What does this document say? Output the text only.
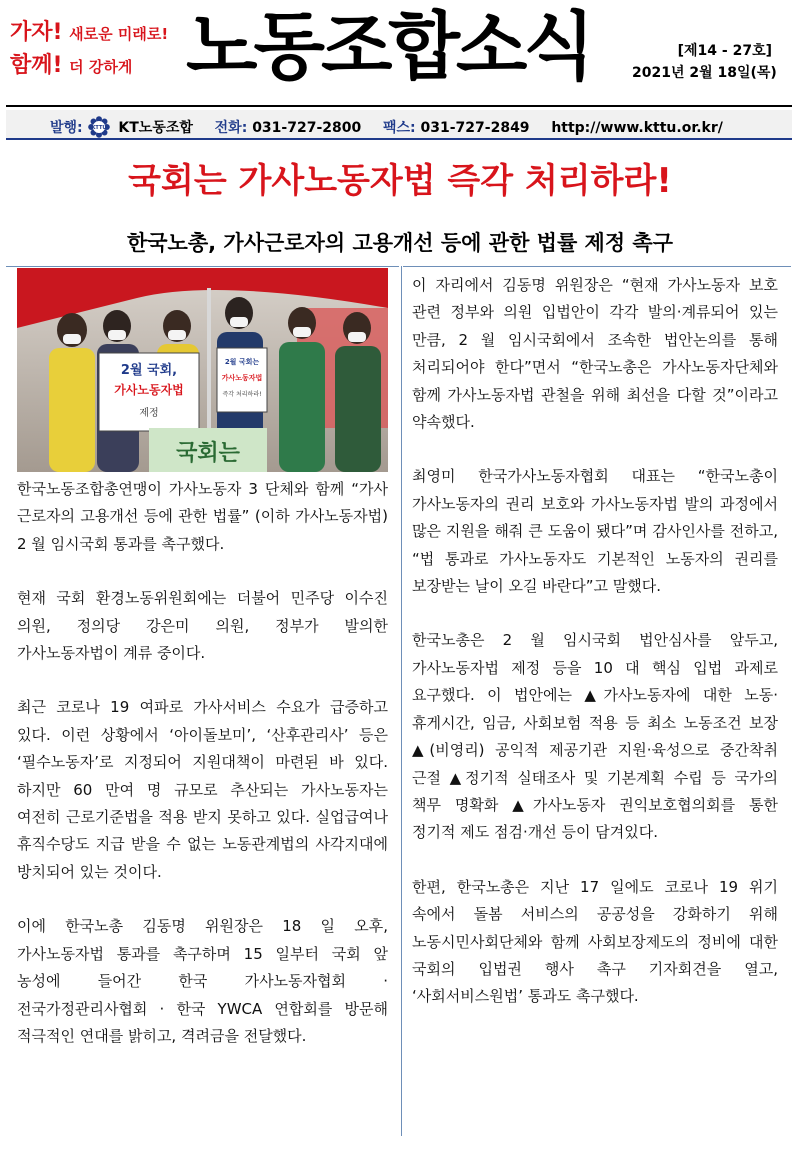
가자! 새로운 미래로!
함께! 더 강하게 노동조합소식	[제14 - 27호]
2021년 2월 18일(목)
발행: KTTU KT노동조합 전화: 031-727-2800 팩스: 031-727-2849 http://www.kttu.or.kr/
국회는 가사노동자법 즉각 처리하라!
한국노총, 가사근로자의 고용개선 등에 관한 법률 제정 촉구
2월 국회,
가사노동자법
제정
2월 국회는
가사노동자법
즉각 처리하라!
국회는

한국노동조합총연맹이 가사노동자 3 단체와 함께 “가사 근로자의 고용개선 등에 관한 법률” (이하 가사노동자법) 2 월 임시국회 통과를 촉구했다.

현재 국회 환경노동위원회에는 더불어 민주당 이수진 의원, 정의당 강은미 의원, 정부가 발의한 가사노동자법이 계류 중이다.

최근 코로나 19 여파로 가사서비스 수요가 급증하고 있다. 이런 상황에서 ‘아이돌보미’, ‘산후관리사’ 등은 ‘필수노동자’로 지정되어 지원대책이 마련된 바 있다. 하지만 60 만여 명 규모로 추산되는 가사노동자는 여전히 근로기준법을 적용 받지 못하고 있다. 실업급여나 휴직수당도 지급 받을 수 없는 노동관계법의 사각지대에 방치되어 있는 것이다.

이에 한국노총 김동명 위원장은 18 일 오후, 가사노동자법 통과를 촉구하며 15 일부터 국회 앞 농성에 들어간 한국 가사노동자협회 · 전국가정관리사협회 · 한국 YWCA 연합회를 방문해 적극적인 연대를 밝히고, 격려금을 전달했다.

이 자리에서 김동명 위원장은 “현재 가사노동자 보호 관련 정부와 의원 입법안이 각각 발의·계류되어 있는 만큼, 2 월 임시국회에서 조속한 법안논의를 통해 처리되어야 한다”면서 “한국노총은 가사노동자단체와 함께 가사노동자법 관철을 위해 최선을 다할 것”이라고 약속했다.

최영미 한국가사노동자협회 대표는 “한국노총이 가사노동자의 권리 보호와 가사노동자법 발의 과정에서 많은 지원을 해줘 큰 도움이 됐다”며 감사인사를 전하고, “법 통과로 가사노동자도 기본적인 노동자의 권리를 보장받는 날이 오길 바란다”고 말했다.

한국노총은 2 월 임시국회 법안심사를 앞두고, 가사노동자법 제정 등을 10 대 핵심 입법 과제로 요구했다. 이 법안에는 ▲가사노동자에 대한 노동·휴게시간, 임금, 사회보험 적용 등 최소 노동조건 보장 ▲(비영리) 공익적 제공기관 지원·육성으로 중간착취 근절 ▲정기적 실태조사 및 기본계획 수립 등 국가의 책무 명확화 ▲가사노동자 권익보호협의회를 통한 정기적 제도 점검·개선 등이 담겨있다.

한편, 한국노총은 지난 17 일에도 코로나 19 위기 속에서 돌봄 서비스의 공공성을 강화하기 위해 노동시민사회단체와 함께 사회보장제도의 정비에 대한 국회의 입법권 행사 촉구 기자회견을 열고, ‘사회서비스원법’ 통과도 촉구했다.
